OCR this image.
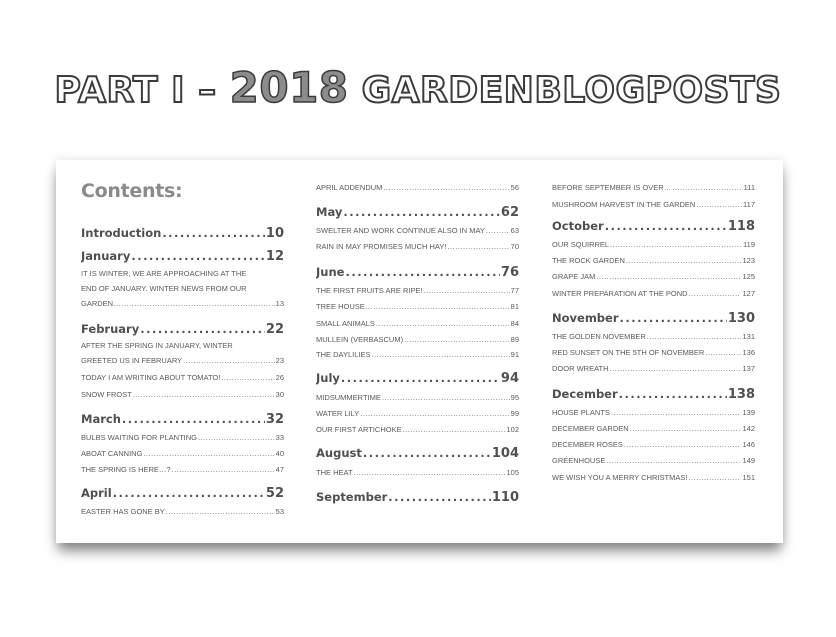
PART I – 2018 GARDENBLOGPOSTS
Contents:
Introduction .....	10
January .....	12
IT IS WINTER, WE ARE APPROACHING AT THE
END OF JANUARY. WINTER NEWS FROM OUR
GARDEN. .....	13
February .....	22
AFTER THE SPRING IN JANUARY, WINTER
GREETED US IN FEBRUARY .....	23
TODAY I AM WRITING ABOUT TOMATO! .....	26
SNOW FROST .....	30
March .....	32
BULBS WAITING FOR PLANTING .....	33
ABOAT CANNING .....	40
THE SPRING IS HERE…? .....	47
April .....	52
EASTER HAS GONE BY .....	53
APRIL ADDENDUM .....	56
May .....	62
SWELTER AND WORK CONTINUE ALSO IN MAY .....	63
RAIN IN MAY PROMISES MUCH HAY! .....	70
June .....	76
THE FIRST FRUITS ARE RIPE! .....	77
TREE HOUSE… .....	81
SMALL ANIMALS .....	84
MULLEIN (VERBASCUM) .....	89
THE DAYLILIES .....	91
July .....	94
MIDSUMMERTIME .....	95
WATER LILY .....	99
OUR FIRST ARTICHOKE .....	102
August .....	104
THE HEAT .....	105
September .....	110
BEFORE SEPTEMBER IS OVER… .....	111
MUSHROOM HARVEST IN THE GARDEN .....	117
October .....	118
OUR SQUIRREL .....	119
THE ROCK GARDEN .....	123
GRAPE JAM .....	125
WINTER PREPARATION AT THE POND .....	127
November .....	130
THE GOLDEN NOVEMBER .....	131
RED SUNSET ON THE 5TH OF NOVEMBER .....	136
DOOR WREATH .....	137
December .....	138
HOUSE PLANTS .....	139
DECEMBER GARDEN .....	142
DECEMBER ROSES .....	146
GREENHOUSE .....	149
WE WISH YOU A MERRY CHRISTMAS! .....	151
